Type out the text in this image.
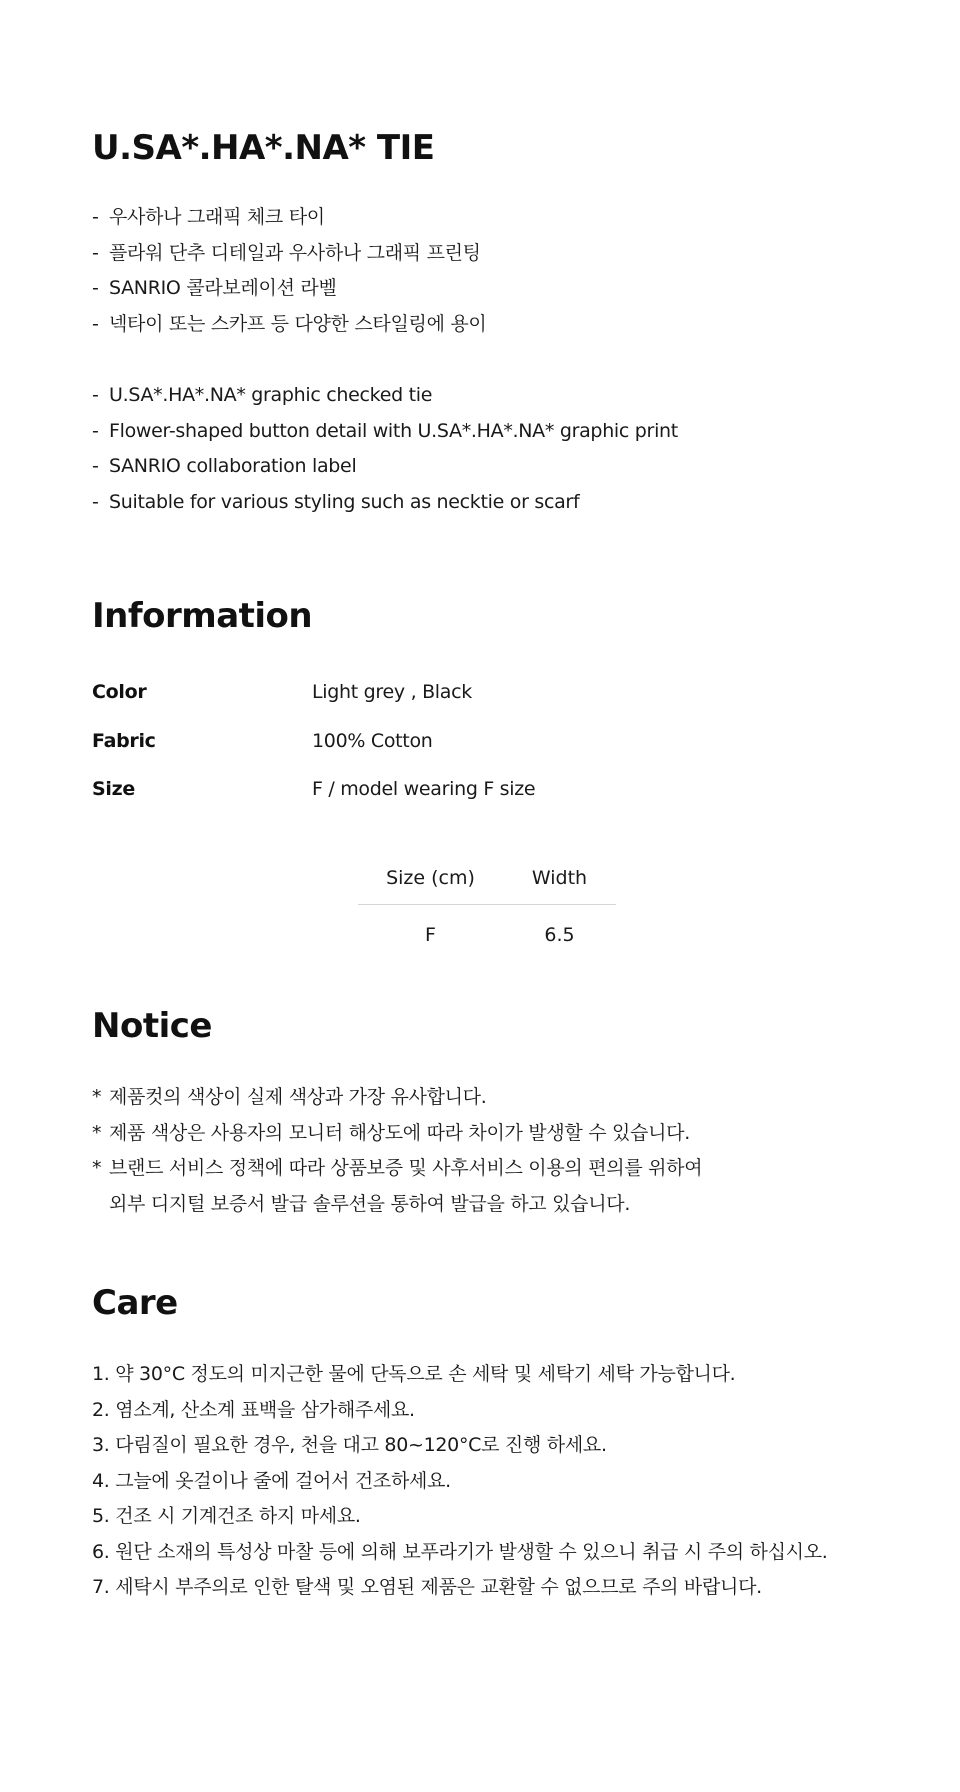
U.SA*.HA*.NA* TIE
- 우사하나 그래픽 체크 타이
- 플라워 단추 디테일과 우사하나 그래픽 프린팅
- SANRIO 콜라보레이션 라벨
- 넥타이 또는 스카프 등 다양한 스타일링에 용이
- U.SA*.HA*.NA* graphic checked tie
- Flower-shaped button detail with U.SA*.HA*.NA* graphic print
- SANRIO collaboration label
- Suitable for various styling such as necktie or scarf
Information
Color	Light grey , Black
Fabric	100% Cotton
Size	F / model wearing F size
Size (cm)	Width
F	6.5
Notice
* 제품컷의 색상이 실제 색상과 가장 유사합니다.
* 제품 색상은 사용자의 모니터 해상도에 따라 차이가 발생할 수 있습니다.
* 브랜드 서비스 정책에 따라 상품보증 및 사후서비스 이용의 편의를 위하여
외부 디지털 보증서 발급 솔루션을 통하여 발급을 하고 있습니다.
Care
1. 약 30°C 정도의 미지근한 물에 단독으로 손 세탁 및 세탁기 세탁 가능합니다.
2. 염소계, 산소계 표백을 삼가해주세요.
3. 다림질이 필요한 경우, 천을 대고 80~120°C로 진행 하세요.
4. 그늘에 옷걸이나 줄에 걸어서 건조하세요.
5. 건조 시 기계건조 하지 마세요.
6. 원단 소재의 특성상 마찰 등에 의해 보푸라기가 발생할 수 있으니 취급 시 주의 하십시오.
7. 세탁시 부주의로 인한 탈색 및 오염된 제품은 교환할 수 없으므로 주의 바랍니다.
